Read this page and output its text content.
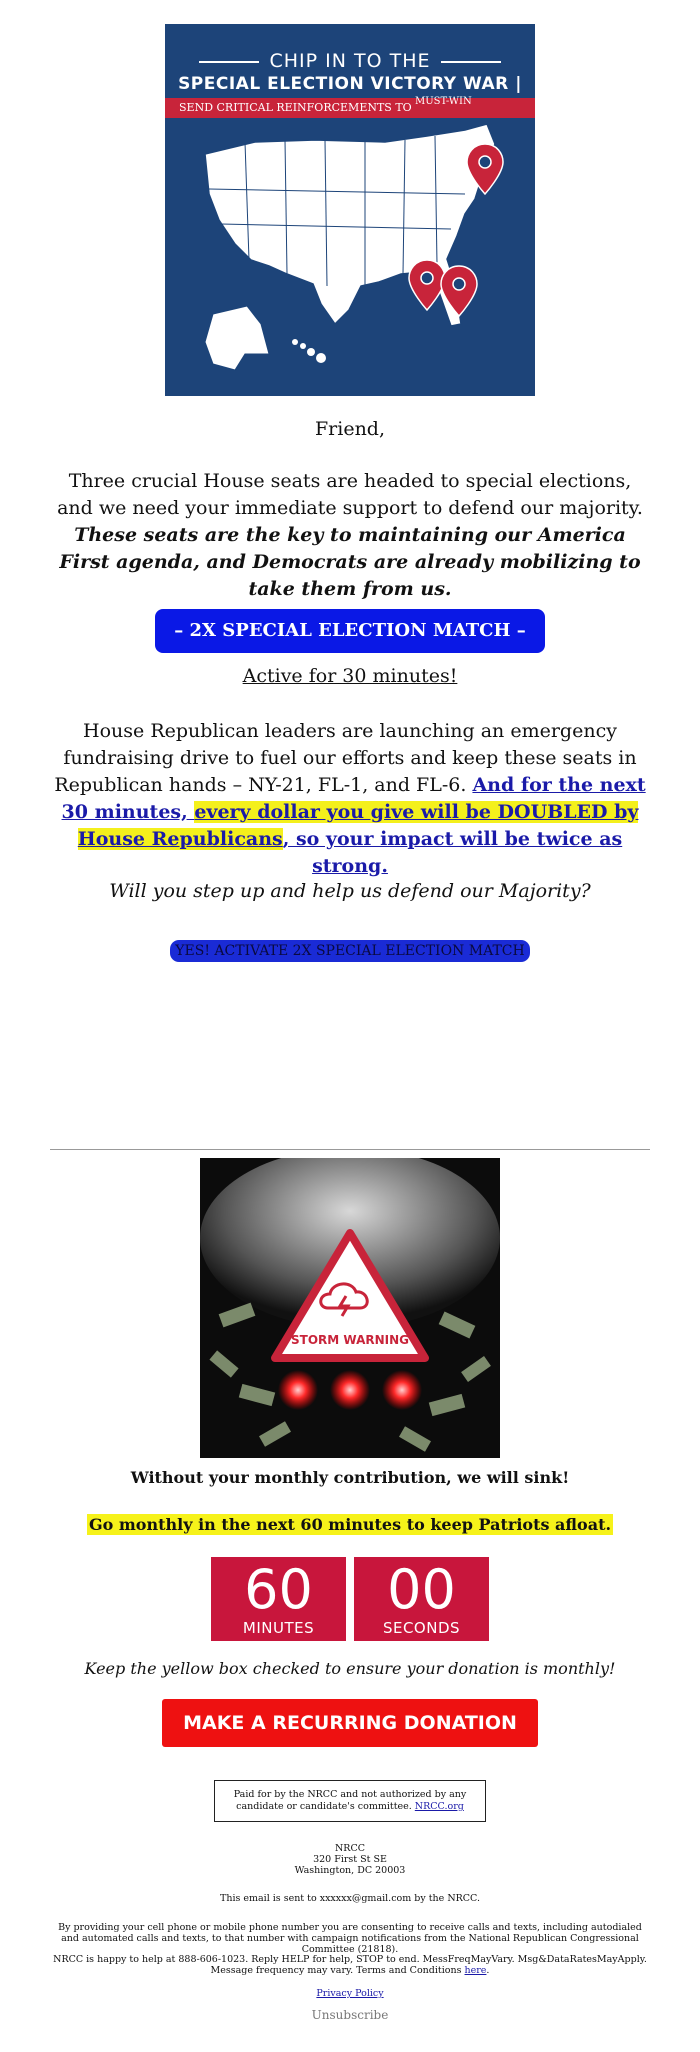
CHIP IN TO THE
SPECIAL ELECTION VICTORY WAR |
SEND CRITICAL REINFORCEMENTS TO MUST-WIN
Friend,
Three crucial House seats are headed to special elections, and we need your immediate support to defend our majority. These seats are the key to maintaining our America First agenda, and Democrats are already mobilizing to take them from us.
– 2X SPECIAL ELECTION MATCH –
Active for 30 minutes!
House Republican leaders are launching an emergency fundraising drive to fuel our efforts and keep these seats in Republican hands – NY-21, FL-1, and FL-6. And for the next 30 minutes, every dollar you give will be DOUBLED by House Republicans, so your impact will be twice as strong.
Will you step up and help us defend our Majority?
YES! ACTIVATE 2X SPECIAL ELECTION MATCH
STORM WARNING
Without your monthly contribution, we will sink!
Go monthly in the next 60 minutes to keep Patriots afloat.
60
MINUTES
00
SECONDS
Keep the yellow box checked to ensure your donation is monthly!
MAKE A RECURRING DONATION
Paid for by the NRCC and not authorized by any candidate or candidate's committee. NRCC.org
NRCC
320 First St SE
Washington, DC 20003
This email is sent to xxxxxx@gmail.com by the NRCC.
By providing your cell phone or mobile phone number you are consenting to receive calls and texts, including autodialed and automated calls and texts, to that number with campaign notifications from the National Republican Congressional Committee (21818).
NRCC is happy to help at 888-606-1023. Reply HELP for help, STOP to end. MessFreqMayVary. Msg&DataRatesMayApply. Message frequency may vary. Terms and Conditions here.
Privacy Policy
Unsubscribe
